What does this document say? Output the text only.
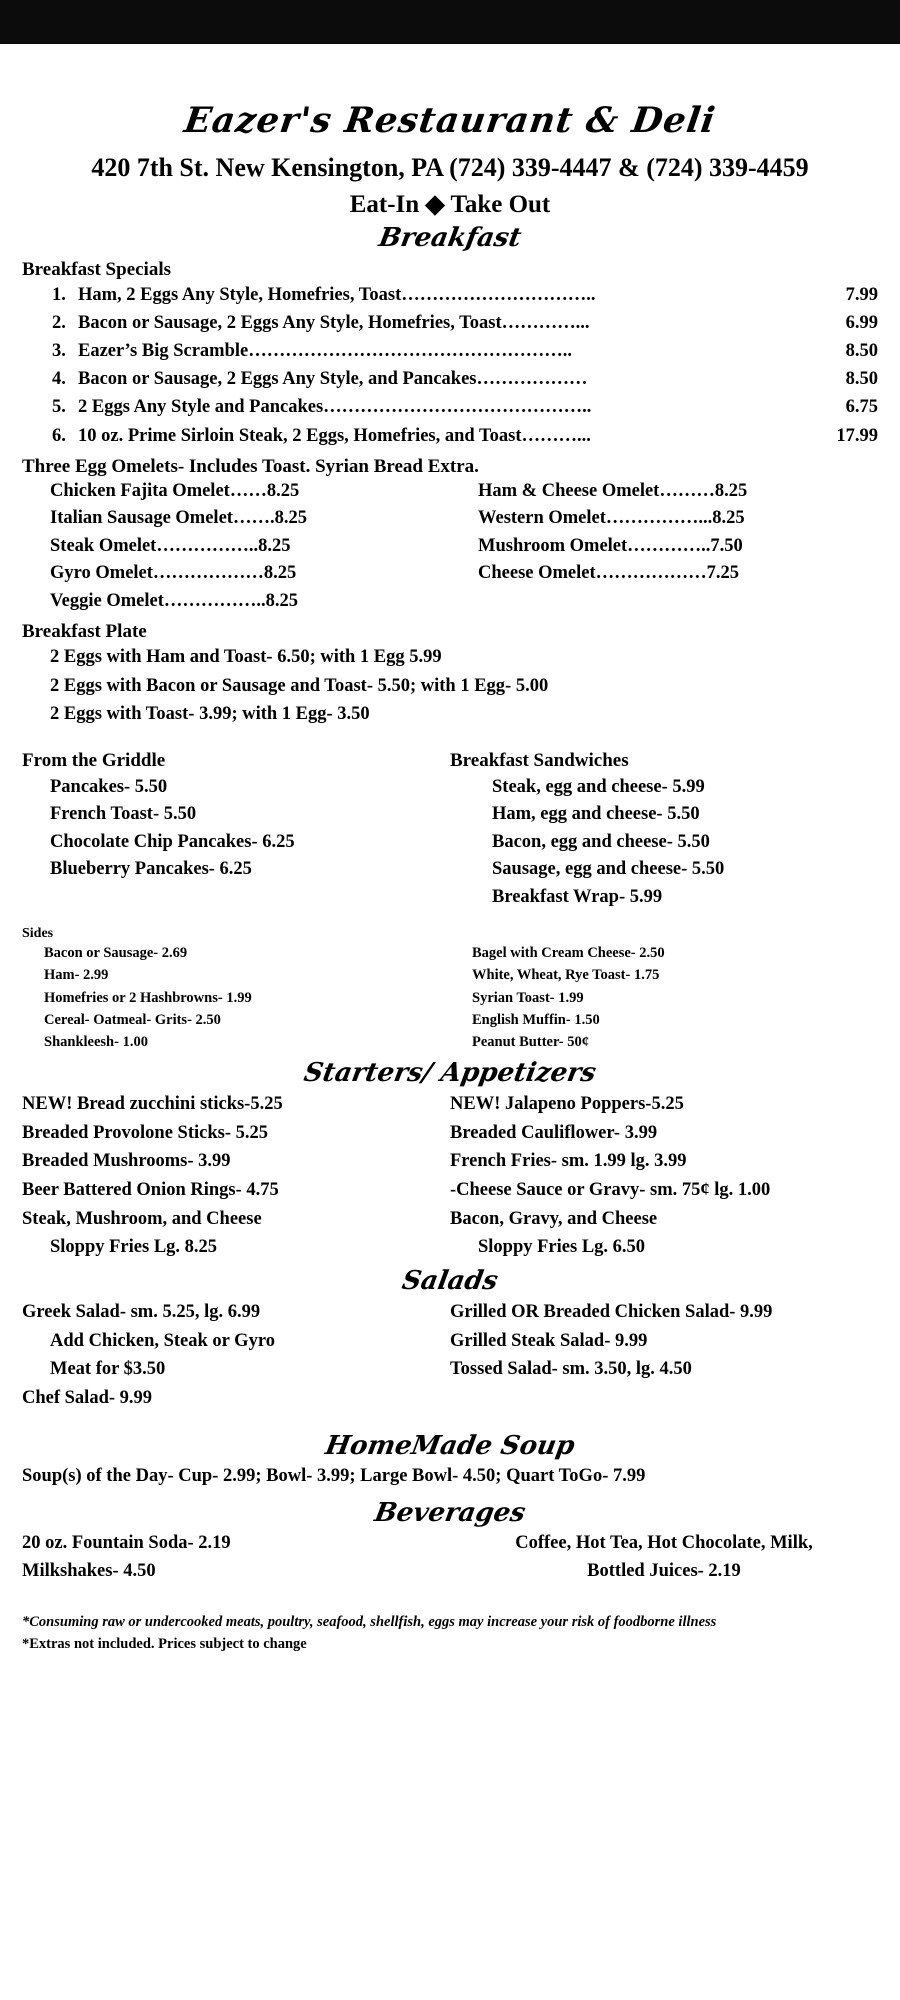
Eazer's Restaurant & Deli
420 7th St. New Kensington, PA (724) 339-4447 & (724) 339-4459
Eat-In ◆ Take Out
Breakfast
Breakfast Specials
1. Ham, 2 Eggs Any Style, Homefries, Toast…………………………..	7.99
2. Bacon or Sausage, 2 Eggs Any Style, Homefries, Toast…………...	6.99
3. Eazer’s Big Scramble……………………………………………..	8.50
4. Bacon or Sausage, 2 Eggs Any Style, and Pancakes………………	8.50
5. 2 Eggs Any Style and Pancakes……………………………………..	6.75
6. 10 oz. Prime Sirloin Steak, 2 Eggs, Homefries, and Toast………...	17.99
Three Egg Omelets- Includes Toast. Syrian Bread Extra.
Chicken Fajita Omelet……8.25
Italian Sausage Omelet…….8.25
Steak Omelet……………..8.25
Gyro Omelet………………8.25
Veggie Omelet……………..8.25
Ham & Cheese Omelet………8.25
Western Omelet……………...8.25
Mushroom Omelet…………..7.50
Cheese Omelet………………7.25
Breakfast Plate
2 Eggs with Ham and Toast- 6.50; with 1 Egg 5.99
2 Eggs with Bacon or Sausage and Toast- 5.50; with 1 Egg- 5.00
2 Eggs with Toast- 3.99; with 1 Egg- 3.50
From the Griddle
Pancakes- 5.50
French Toast- 5.50
Chocolate Chip Pancakes- 6.25
Blueberry Pancakes- 6.25
Breakfast Sandwiches
Steak, egg and cheese- 5.99
Ham, egg and cheese- 5.50
Bacon, egg and cheese- 5.50
Sausage, egg and cheese- 5.50
Breakfast Wrap- 5.99
Sides
Bacon or Sausage- 2.69
Ham- 2.99
Homefries or 2 Hashbrowns- 1.99
Cereal- Oatmeal- Grits- 2.50
Shankleesh- 1.00
Bagel with Cream Cheese- 2.50
White, Wheat, Rye Toast- 1.75
Syrian Toast- 1.99
English Muffin- 1.50
Peanut Butter- 50¢
Starters/ Appetizers
NEW! Bread zucchini sticks-5.25
Breaded Provolone Sticks- 5.25
Breaded Mushrooms- 3.99
Beer Battered Onion Rings- 4.75
Steak, Mushroom, and Cheese
Sloppy Fries Lg. 8.25
NEW! Jalapeno Poppers-5.25
Breaded Cauliflower- 3.99
French Fries- sm. 1.99 lg. 3.99
-Cheese Sauce or Gravy- sm. 75¢ lg. 1.00
Bacon, Gravy, and Cheese
Sloppy Fries Lg. 6.50
Salads
Greek Salad- sm. 5.25, lg. 6.99
Add Chicken, Steak or Gyro
Meat for $3.50
Chef Salad- 9.99
Grilled OR Breaded Chicken Salad- 9.99
Grilled Steak Salad- 9.99
Tossed Salad- sm. 3.50, lg. 4.50
HomeMade Soup
Soup(s) of the Day- Cup- 2.99; Bowl- 3.99; Large Bowl- 4.50; Quart ToGo- 7.99
Beverages
20 oz. Fountain Soda- 2.19
Milkshakes- 4.50
Coffee, Hot Tea, Hot Chocolate, Milk,
Bottled Juices- 2.19
*Consuming raw or undercooked meats, poultry, seafood, shellfish, eggs may increase your risk of foodborne illness
*Extras not included. Prices subject to change
